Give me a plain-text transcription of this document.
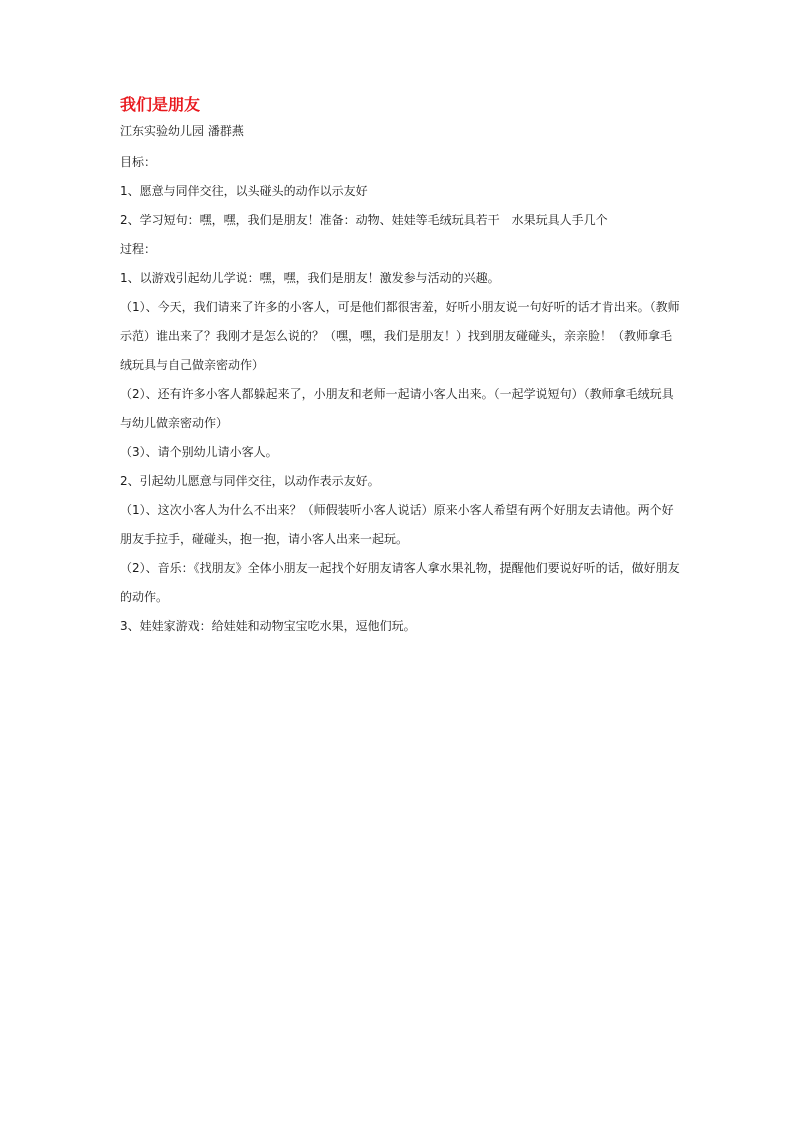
我们是朋友
江东实验幼儿园 潘群燕

目标：

1、愿意与同伴交往，以头碰头的动作以示友好

2、学习短句：嘿，嘿，我们是朋友！准备：动物、娃娃等毛绒玩具若干　水果玩具人手几个

过程：

1、以游戏引起幼儿学说：嘿，嘿，我们是朋友！激发参与活动的兴趣。

（1）、今天，我们请来了许多的小客人，可是他们都很害羞，好听小朋友说一句好听的话才肯出来。（教师示范）谁出来了？我刚才是怎么说的？（嘿，嘿，我们是朋友！）找到朋友碰碰头，亲亲脸！（教师拿毛绒玩具与自己做亲密动作）

（2）、还有许多小客人都躲起来了，小朋友和老师一起请小客人出来。（一起学说短句）（教师拿毛绒玩具与幼儿做亲密动作）

（3）、请个别幼儿请小客人。

2、引起幼儿愿意与同伴交往，以动作表示友好。

（1）、这次小客人为什么不出来？（师假装听小客人说话）原来小客人希望有两个好朋友去请他。两个好朋友手拉手，碰碰头，抱一抱，请小客人出来一起玩。

（2）、音乐：《找朋友》全体小朋友一起找个好朋友请客人拿水果礼物，提醒他们要说好听的话，做好朋友的动作。

3、娃娃家游戏：给娃娃和动物宝宝吃水果，逗他们玩。
